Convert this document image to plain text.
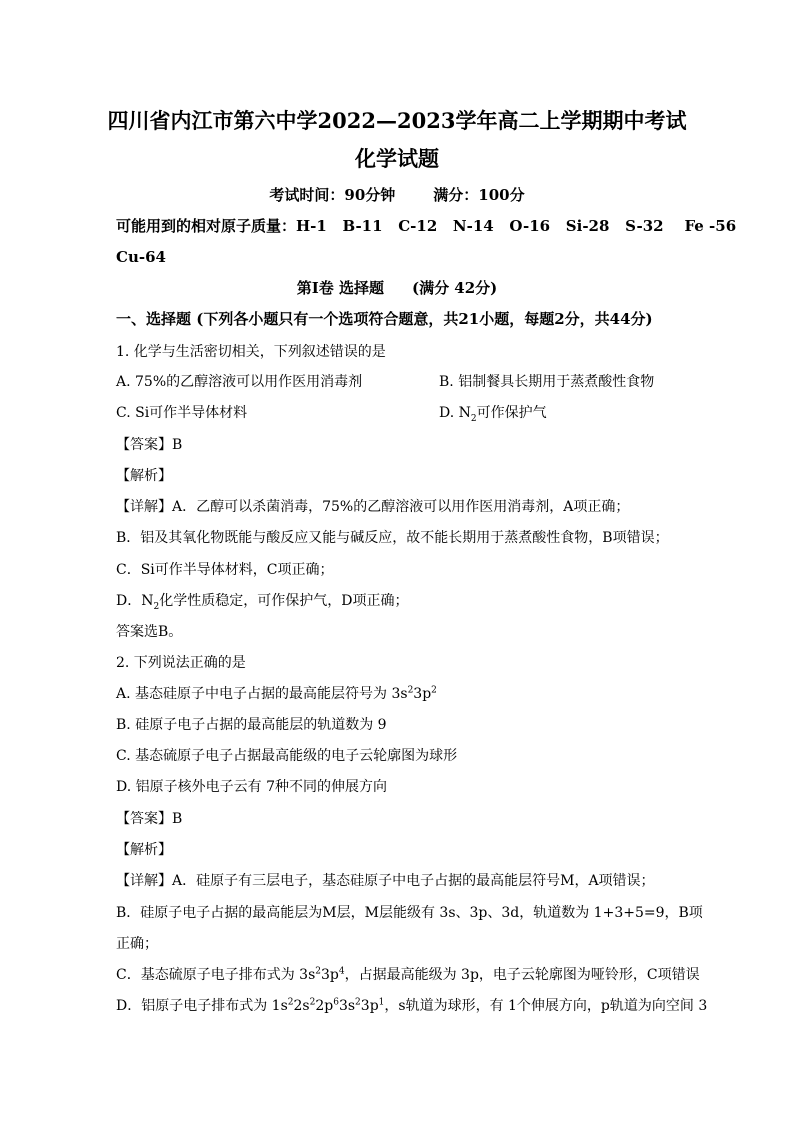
四川省内江市第六中学2022—2023学年高二上学期期中考试
化学试题
考试时间：90分钟	满分：100分
可能用到的相对原子质量：H-1   B-11   C-12   N-14   O-16   Si-28   S-32    Fe -56
Cu-64
第I卷 选择题 (满分 42分)
一、选择题 (下列各小题只有一个选项符合题意，共21小题，每题2分，共44分)
1. 化学与生活密切相关，下列叙述错误的是
A. 75%的乙醇溶液可以用作医用消毒剂	B. 铝制餐具长期用于蒸煮酸性食物
C. Si可作半导体材料	D. $N_2$可作保护气
【答案】B
【解析】
【详解】A．乙醇可以杀菌消毒，75%的乙醇溶液可以用作医用消毒剂，A项正确；
B．铝及其氧化物既能与酸反应又能与碱反应，故不能长期用于蒸煮酸性食物，B项错误；
C．Si可作半导体材料，C项正确；
D．$N_2$化学性质稳定，可作保护气，D项正确；
答案选B。
2. 下列说法正确的是
A. 基态硅原子中电子占据的最高能层符号为 $3s^23p^2$
B. 硅原子电子占据的最高能层的轨道数为 9
C. 基态硫原子电子占据最高能级的电子云轮廓图为球形
D. 铝原子核外电子云有 7种不同的伸展方向
【答案】B
【解析】
【详解】A．硅原子有三层电子，基态硅原子中电子占据的最高能层符号M，A项错误；
B．硅原子电子占据的最高能层为M层，M层能级有 3s、3p、3d，轨道数为 1+3+5=9，B项
正确；
C．基态硫原子电子排布式为 $3s^23p^4$，占据最高能级为 3p，电子云轮廓图为哑铃形，C项错误
D．铝原子电子排布式为 $1s^22s^22p^63s^23p^1$，s轨道为球形，有 1个伸展方向，p轨道为向空间 3
